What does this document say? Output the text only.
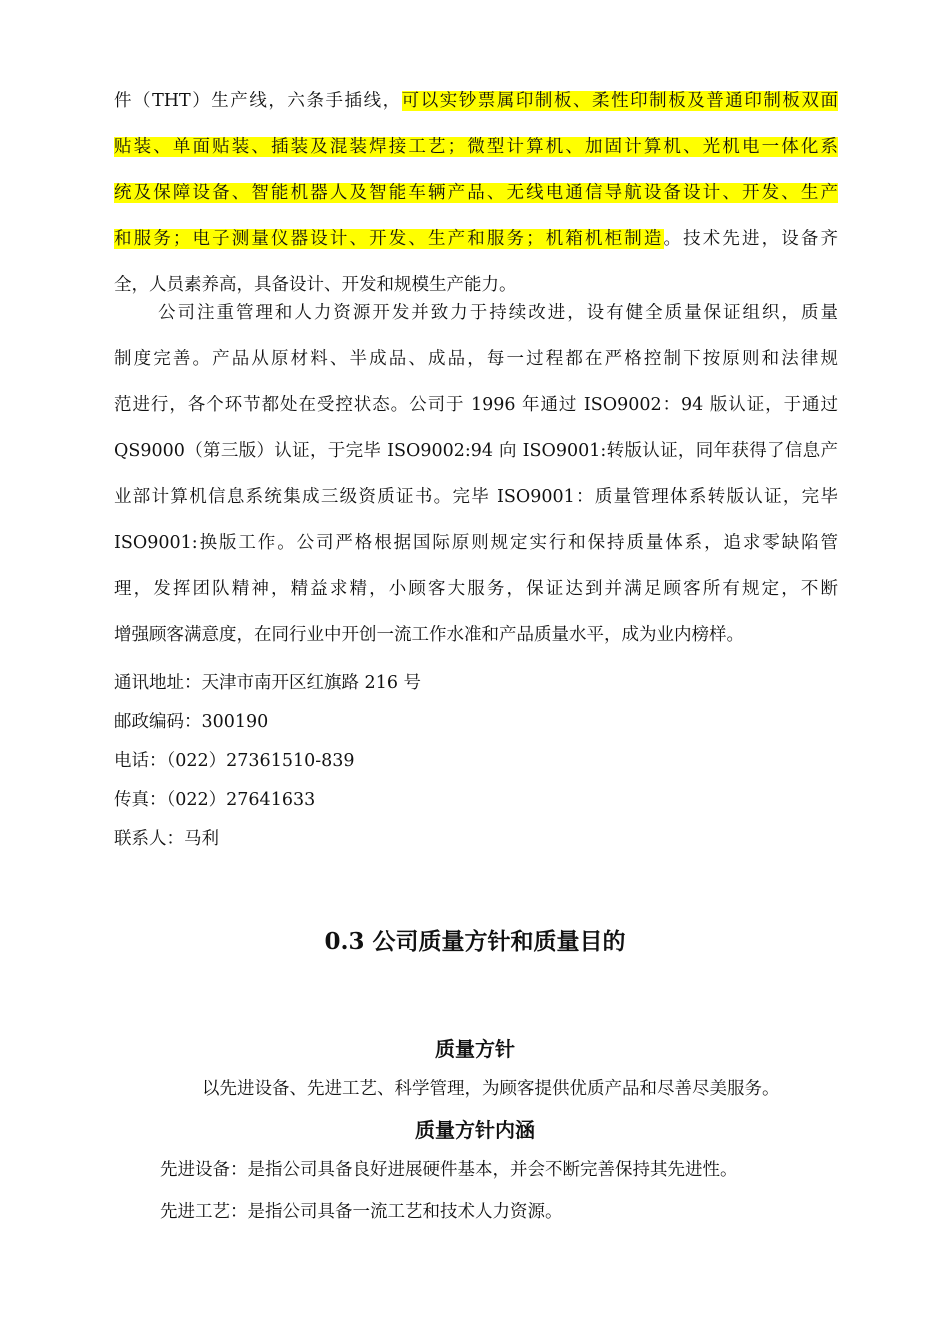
件（THT）生产线，六条手插线，可以实钞票属印制板、柔性印制板及普通印制板双面
贴装、单面贴装、插装及混装焊接工艺；微型计算机、加固计算机、光机电一体化系
统及保障设备、智能机器人及智能车辆产品、无线电通信导航设备设计、开发、生产
和服务；电子测量仪器设计、开发、生产和服务；机箱机柜制造。技术先进，设备齐
全，人员素养高，具备设计、开发和规模生产能力。
公司注重管理和人力资源开发并致力于持续改进，设有健全质量保证组织，质量
制度完善。产品从原材料、半成品、成品，每一过程都在严格控制下按原则和法律规
范进行，各个环节都处在受控状态。公司于 1996 年通过 ISO9002：94 版认证，于通过
QS9000（第三版）认证，于完毕 ISO9002:94 向 ISO9001:转版认证，同年获得了信息产
业部计算机信息系统集成三级资质证书。完毕 ISO9001：质量管理体系转版认证，完毕
ISO9001:换版工作。公司严格根据国际原则规定实行和保持质量体系，追求零缺陷管
理，发挥团队精神，精益求精，小顾客大服务，保证达到并满足顾客所有规定，不断
增强顾客满意度，在同行业中开创一流工作水准和产品质量水平，成为业内榜样。
通讯地址：天津市南开区红旗路 216 号
邮政编码：300190
电话：（022）27361510-839
传真：（022）27641633
联系人：马利
0.3 公司质量方针和质量目的
质量方针
以先进设备、先进工艺、科学管理，为顾客提供优质产品和尽善尽美服务。
质量方针内涵
先进设备：是指公司具备良好进展硬件基本，并会不断完善保持其先进性。
先进工艺：是指公司具备一流工艺和技术人力资源。
